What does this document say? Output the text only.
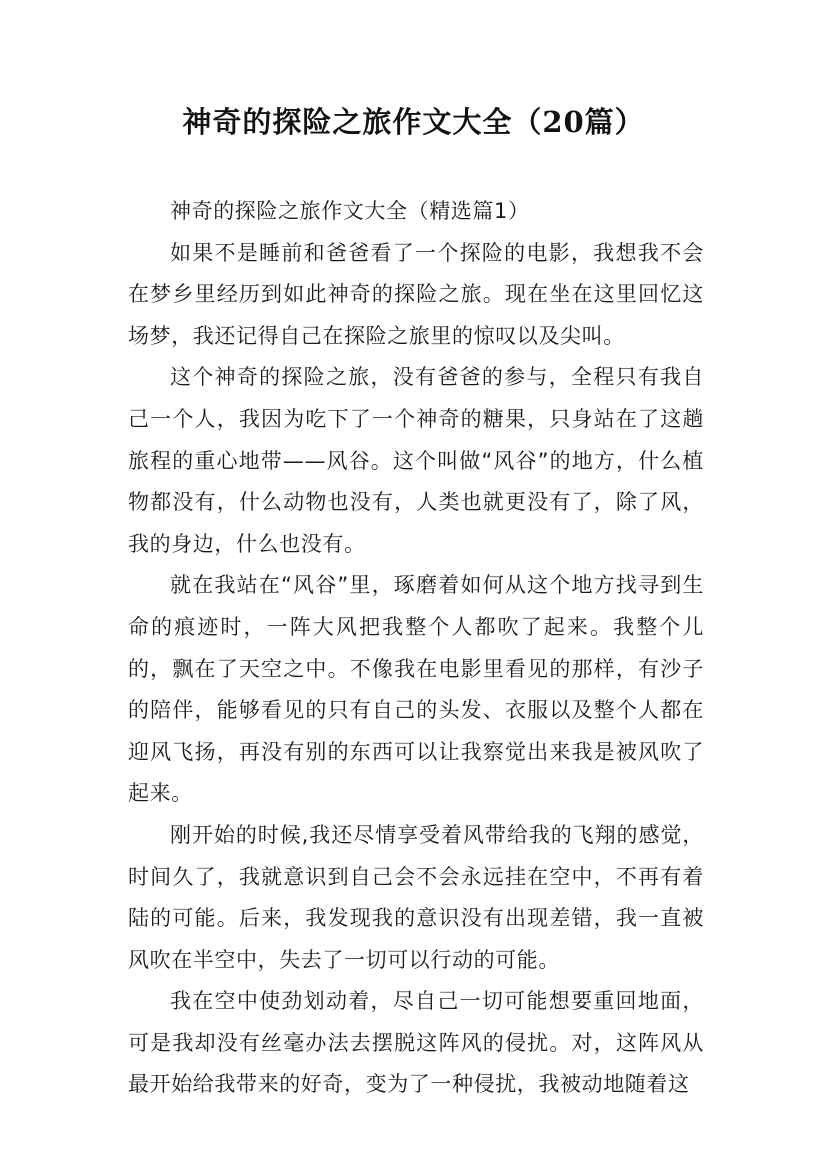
神奇的探险之旅作文大全（20篇）

神奇的探险之旅作文大全（精选篇1）

如果不是睡前和爸爸看了一个探险的电影，我想我不会在梦乡里经历到如此神奇的探险之旅。现在坐在这里回忆这场梦，我还记得自己在探险之旅里的惊叹以及尖叫。

这个神奇的探险之旅，没有爸爸的参与，全程只有我自己一个人，我因为吃下了一个神奇的糖果，只身站在了这趟旅程的重心地带——风谷。这个叫做“风谷”的地方，什么植物都没有，什么动物也没有，人类也就更没有了，除了风，我的身边，什么也没有。

就在我站在“风谷”里，琢磨着如何从这个地方找寻到生命的痕迹时，一阵大风把我整个人都吹了起来。我整个儿的，飘在了天空之中。不像我在电影里看见的那样，有沙子的陪伴，能够看见的只有自己的头发、衣服以及整个人都在迎风飞扬，再没有别的东西可以让我察觉出来我是被风吹了起来。

刚开始的时候,我还尽情享受着风带给我的飞翔的感觉，时间久了，我就意识到自己会不会永远挂在空中，不再有着陆的可能。后来，我发现我的意识没有出现差错，我一直被风吹在半空中，失去了一切可以行动的可能。

我在空中使劲划动着，尽自己一切可能想要重回地面，可是我却没有丝毫办法去摆脱这阵风的侵扰。对，这阵风从最开始给我带来的好奇，变为了一种侵扰，我被动地随着这
